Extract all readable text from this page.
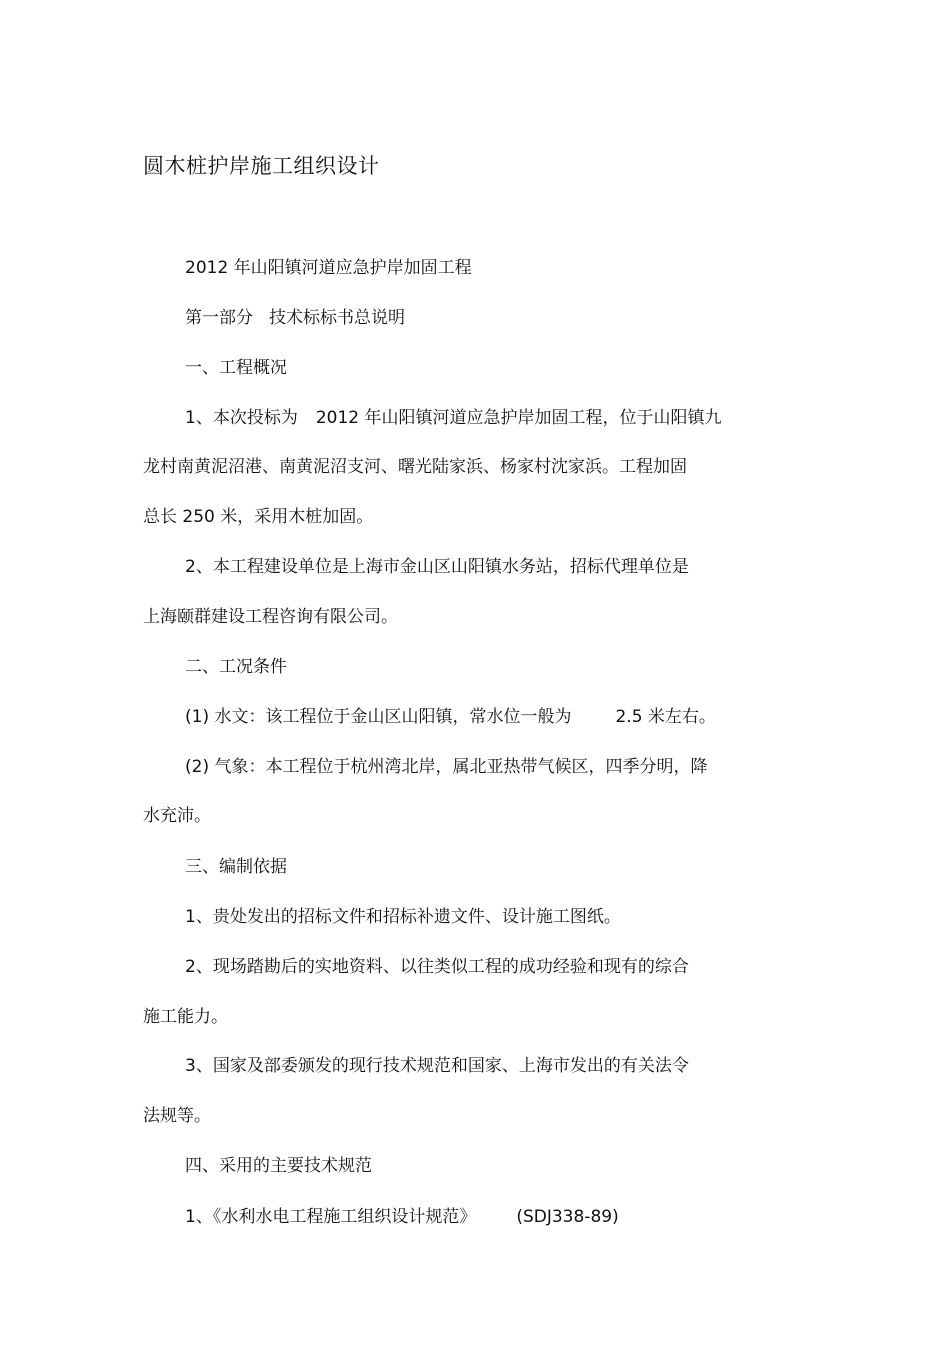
圆木桩护岸施工组织设计
2012 年山阳镇河道应急护岸加固工程
第一部分 技术标标书总说明
一、工程概况
1、本次投标为 2012 年山阳镇河道应急护岸加固工程，位于山阳镇九
龙村南黄泥沼港、南黄泥沼支河、曙光陆家浜、杨家村沈家浜。工程加固
总长 250 米，采用木桩加固。
2、本工程建设单位是上海市金山区山阳镇水务站，招标代理单位是
上海颐群建设工程咨询有限公司。
二、工况条件
(1) 水文：该工程位于金山区山阳镇，常水位一般为	2.5 米左右。
(2) 气象：本工程位于杭州湾北岸，属北亚热带气候区，四季分明，降
水充沛。
三、编制依据
1、贵处发出的招标文件和招标补遗文件、设计施工图纸。
2、现场踏勘后的实地资料、以往类似工程的成功经验和现有的综合
施工能力。
3、国家及部委颁发的现行技术规范和国家、上海市发出的有关法令
法规等。
四、采用的主要技术规范
1、《水利水电工程施工组织设计规范》 (SDJ338-89)
